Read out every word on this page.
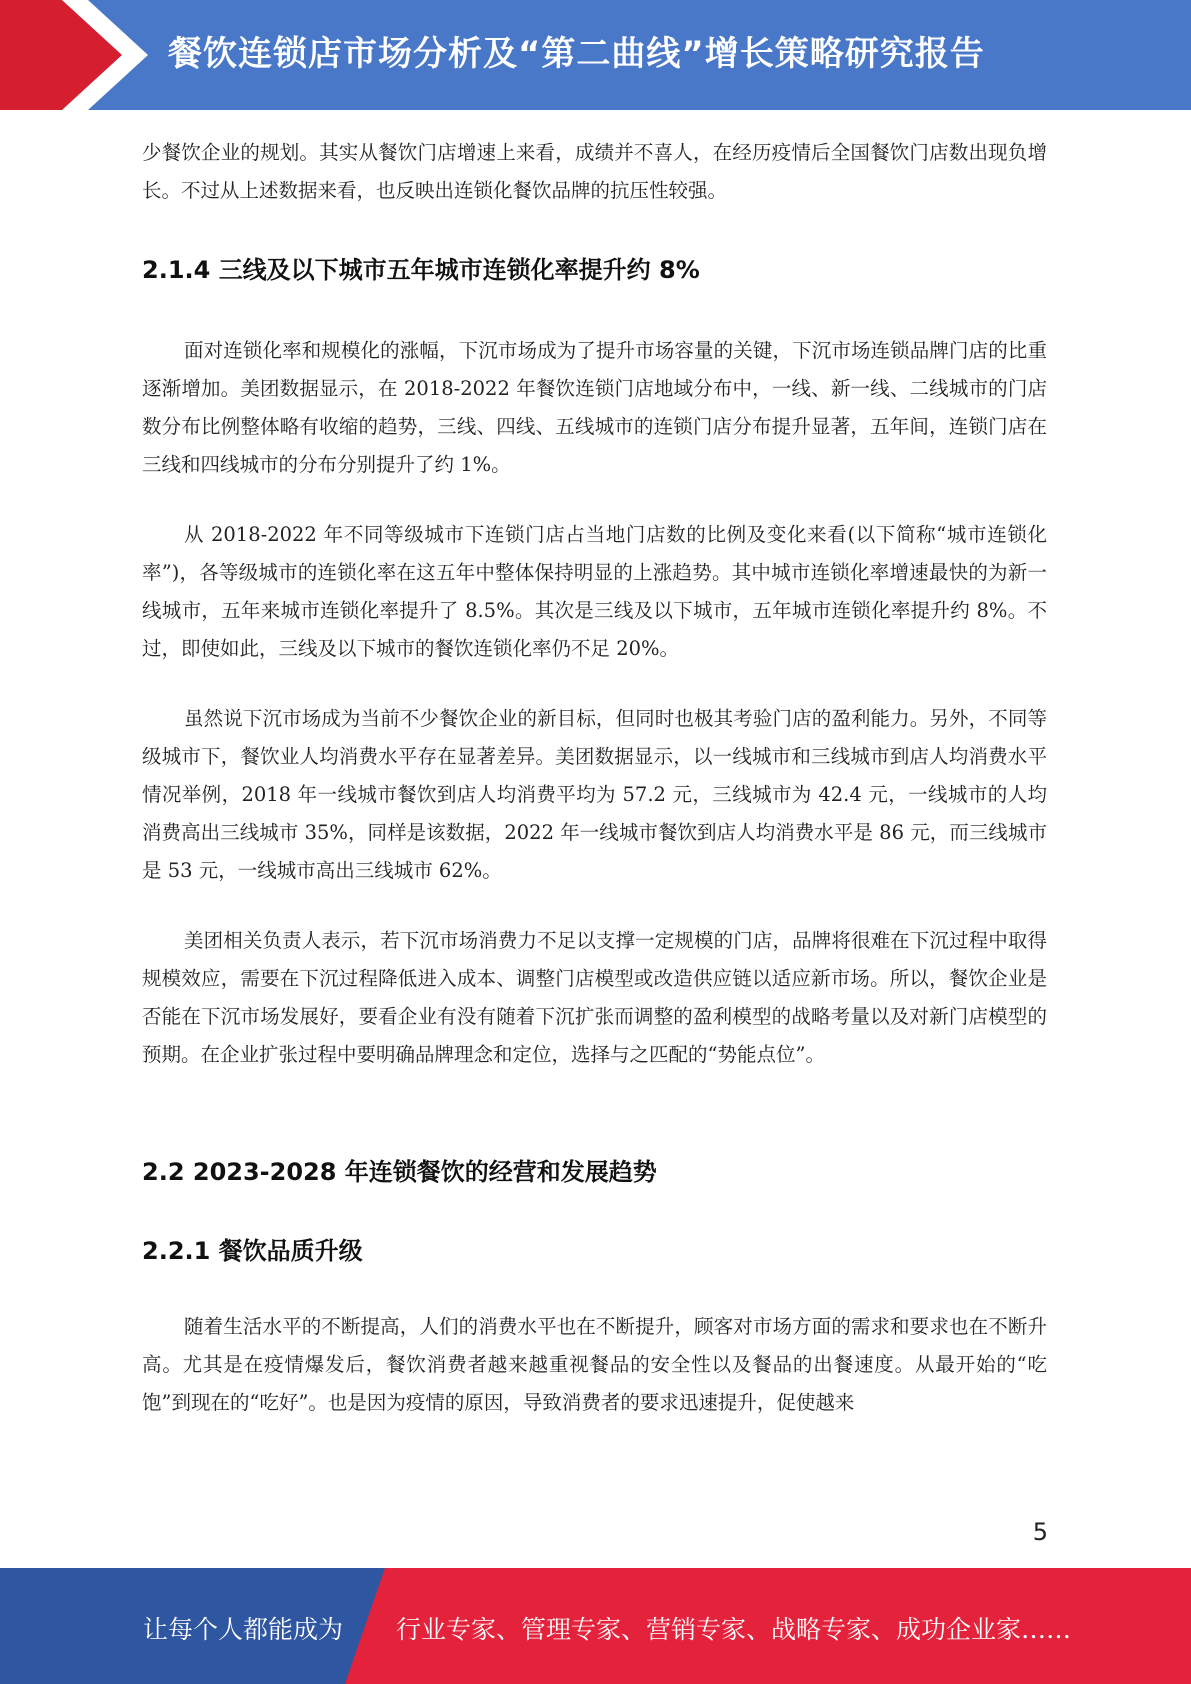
餐饮连锁店市场分析及“第二曲线”增长策略研究报告

少餐饮企业的规划。其实从餐饮门店增速上来看，成绩并不喜人，在经历疫情后全国餐饮门店数出现负增长。不过从上述数据来看，也反映出连锁化餐饮品牌的抗压性较强。

2.1.4 三线及以下城市五年城市连锁化率提升约 8%

面对连锁化率和规模化的涨幅，下沉市场成为了提升市场容量的关键，下沉市场连锁品牌门店的比重逐渐增加。美团数据显示，在 2018-2022 年餐饮连锁门店地域分布中，一线、新一线、二线城市的门店数分布比例整体略有收缩的趋势，三线、四线、五线城市的连锁门店分布提升显著，五年间，连锁门店在三线和四线城市的分布分别提升了约 1%。

从 2018-2022 年不同等级城市下连锁门店占当地门店数的比例及变化来看(以下简称“城市连锁化率”)，各等级城市的连锁化率在这五年中整体保持明显的上涨趋势。其中城市连锁化率增速最快的为新一线城市，五年来城市连锁化率提升了 8.5%。其次是三线及以下城市，五年城市连锁化率提升约 8%。不过，即使如此，三线及以下城市的餐饮连锁化率仍不足 20%。

虽然说下沉市场成为当前不少餐饮企业的新目标，但同时也极其考验门店的盈利能力。另外，不同等级城市下，餐饮业人均消费水平存在显著差异。美团数据显示，以一线城市和三线城市到店人均消费水平情况举例，2018 年一线城市餐饮到店人均消费平均为 57.2 元，三线城市为 42.4 元，一线城市的人均消费高出三线城市 35%，同样是该数据，2022 年一线城市餐饮到店人均消费水平是 86 元，而三线城市是 53 元，一线城市高出三线城市 62%。

美团相关负责人表示，若下沉市场消费力不足以支撑一定规模的门店，品牌将很难在下沉过程中取得规模效应，需要在下沉过程降低进入成本、调整门店模型或改造供应链以适应新市场。所以，餐饮企业是否能在下沉市场发展好，要看企业有没有随着下沉扩张而调整的盈利模型的战略考量以及对新门店模型的预期。在企业扩张过程中要明确品牌理念和定位，选择与之匹配的“势能点位”。

2.2 2023-2028 年连锁餐饮的经营和发展趋势
2.2.1 餐饮品质升级

随着生活水平的不断提高，人们的消费水平也在不断提升，顾客对市场方面的需求和要求也在不断升高。尤其是在疫情爆发后，餐饮消费者越来越重视餐品的安全性以及餐品的出餐速度。从最开始的“吃饱”到现在的“吃好”。也是因为疫情的原因，导致消费者的要求迅速提升，促使越来

5
让每个人都能成为 行业专家、管理专家、营销专家、战略专家、成功企业家……
